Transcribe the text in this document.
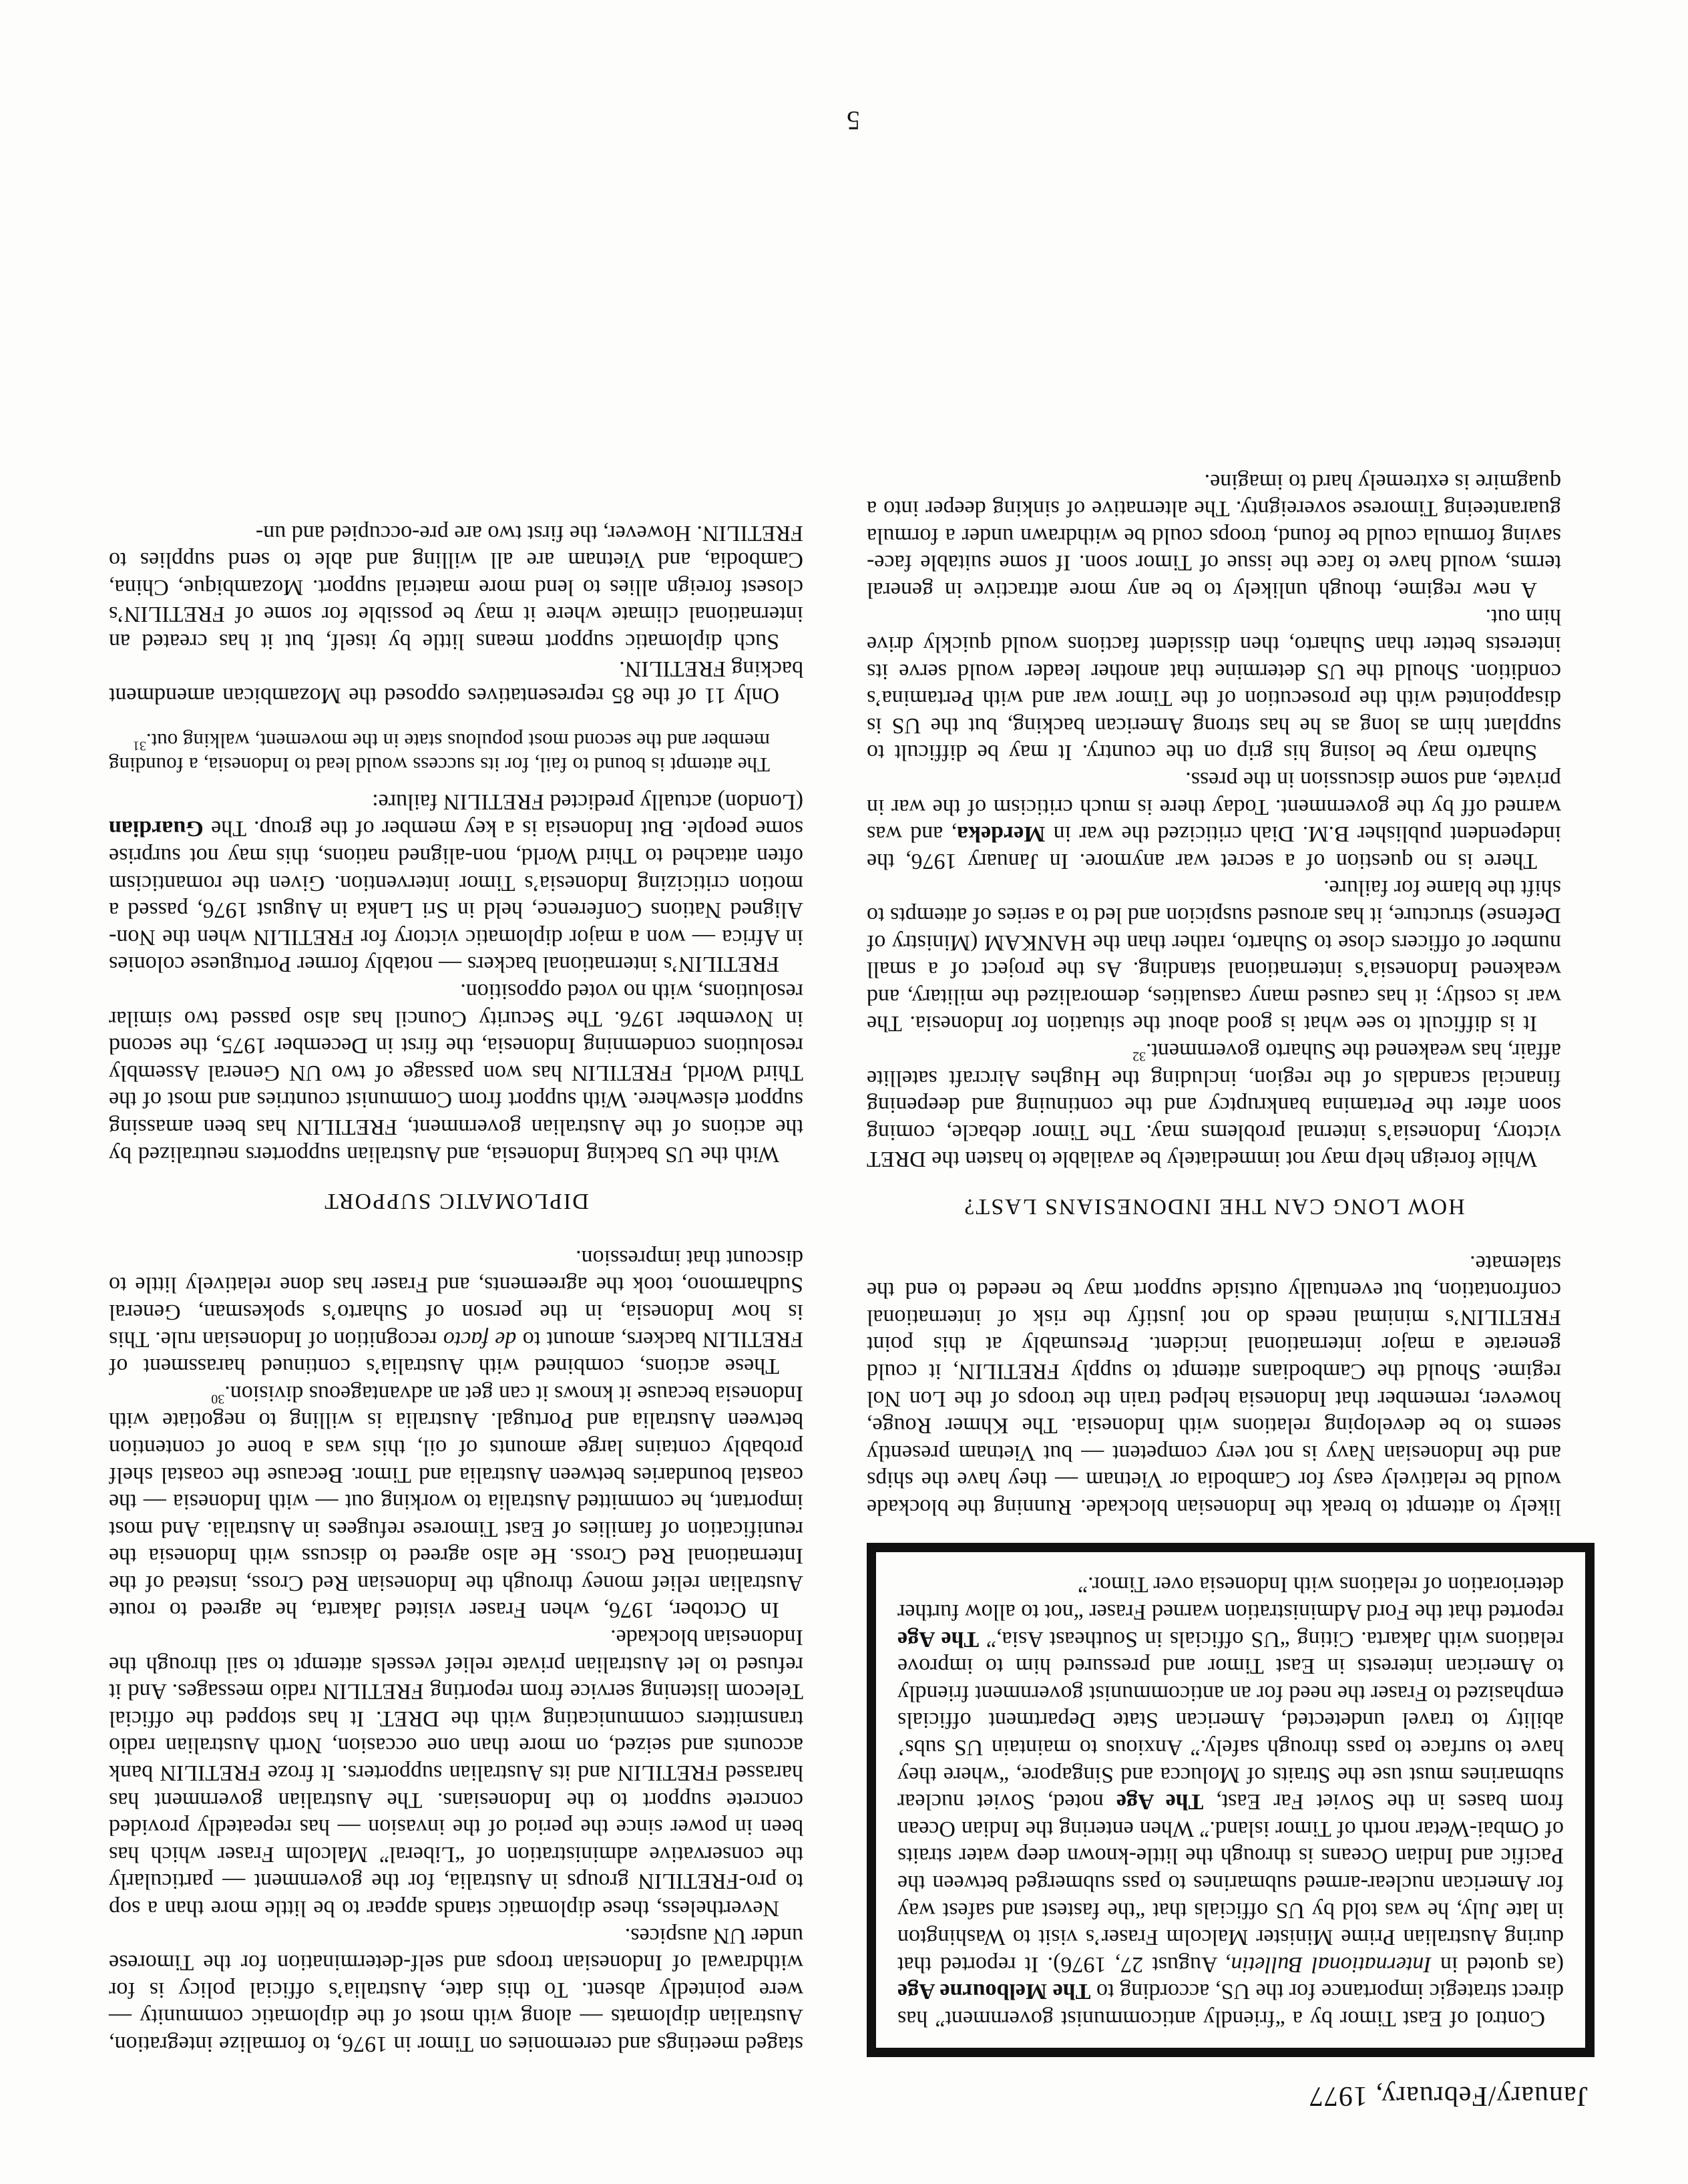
January/February, 1977
5

Control of East Timor by a “friendly anticommunist government” has direct strategic importance for the US, according to The Melbourne Age (as quoted in International Bulletin, August 27, 1976). It reported that during Australian Prime Minister Malcolm Fraser’s visit to Washington in late July, he was told by US officials that “the fastest and safest way for American nuclear-armed submarines to pass submerged between the Pacific and Indian Oceans is through the little-known deep water straits of Ombai-Wetar north of Timor island.” When entering the Indian Ocean from bases in the Soviet Far East, The Age noted, Soviet nuclear submarines must use the Straits of Molucca and Singapore, “where they have to surface to pass through safely.” Anxious to maintain US subs’ ability to travel undetected, American State Department officials emphasized to Fraser the need for an anticommunist government friendly to American interests in East Timor and pressured him to improve relations with Jakarta. Citing “US officials in Southeast Asia,” The Age reported that the Ford Administration warned Fraser “not to allow further deterioration of relations with Indonesia over Timor.”

likely to attempt to break the Indonesian blockade. Running the blockade would be relatively easy for Cambodia or Vietnam — they have the ships and the Indonesian Navy is not very competent — but Vietnam presently seems to be developing relations with Indonesia. The Khmer Rouge, however, remember that Indonesia helped train the troops of the Lon Nol regime. Should the Cambodians attempt to supply FRETILIN, it could generate a major international incident. Presumably at this point FRETILIN’s minimal needs do not justify the risk of international confrontation, but eventually outside support may be needed to end the stalemate.

HOW LONG CAN THE INDONESIANS LAST?

While foreign help may not immediately be available to hasten the DRET victory, Indonesia’s internal problems may. The Timor debacle, coming soon after the Pertamina bankruptcy and the continuing and deepening financial scandals of the region, including the Hughes Aircraft satellite affair, has weakened the Suharto government.$^{32}$

It is difficult to see what is good about the situation for Indonesia. The war is costly; it has caused many casualties, demoralized the military, and weakened Indonesia’s international standing. As the project of a small number of officers close to Suharto, rather than the HANKAM (Ministry of Defense) structure, it has aroused suspicion and led to a series of attempts to shift the blame for failure.

There is no question of a secret war anymore. In January 1976, the independent publisher B.M. Diah criticized the war in Merdeka, and was warned off by the government. Today there is much criticism of the war in private, and some discussion in the press.

Suharto may be losing his grip on the country. It may be difficult to supplant him as long as he has strong American backing, but the US is disappointed with the prosecution of the Timor war and with Pertamina’s condition. Should the US determine that another leader would serve its interests better than Suharto, then dissident factions would quickly drive him out.

A new regime, though unlikely to be any more attractive in general terms, would have to face the issue of Timor soon. If some suitable face-saving formula could be found, troops could be withdrawn under a formula guaranteeing Timorese sovereignty. The alternative of sinking deeper into a quagmire is extremely hard to imagine.

staged meetings and ceremonies on Timor in 1976, to formalize integration, Australian diplomats — along with most of the diplomatic community — were pointedly absent. To this date, Australia’s official policy is for withdrawal of Indonesian troops and self-determination for the Timorese under UN auspices.

Nevertheless, these diplomatic stands appear to be little more than a sop to pro-FRETILIN groups in Australia, for the government — particularly the conservative administration of “Liberal” Malcolm Fraser which has been in power since the period of the invasion — has repeatedly provided concrete support to the Indonesians. The Australian government has harassed FRETILIN and its Australian supporters. It froze FRETILIN bank accounts and seized, on more than one occasion, North Australian radio transmitters communicating with the DRET. It has stopped the official Telecom listening service from reporting FRETILIN radio messages. And it refused to let Australian private relief vessels attempt to sail through the Indonesian blockade.

In October, 1976, when Fraser visited Jakarta, he agreed to route Australian relief money through the Indonesian Red Cross, instead of the International Red Cross. He also agreed to discuss with Indonesia the reunification of families of East Timorese refugees in Australia. And most important, he committed Australia to working out — with Indonesia — the coastal boundaries between Australia and Timor. Because the coastal shelf probably contains large amounts of oil, this was a bone of contention between Australia and Portugal. Australia is willing to negotiate with Indonesia because it knows it can get an advantageous division.$^{30}$

These actions, combined with Australia’s continued harassment of FRETILIN backers, amount to de facto recognition of Indonesian rule. This is how Indonesia, in the person of Suharto’s spokesman, General Sudharmono, took the agreements, and Fraser has done relatively little to discount that impression.

DIPLOMATIC SUPPORT

With the US backing Indonesia, and Australian supporters neutralized by the actions of the Australian government, FRETILIN has been amassing support elsewhere. With support from Communist countries and most of the Third World, FRETILIN has won passage of two UN General Assembly resolutions condemning Indonesia, the first in December 1975, the second in November 1976. The Security Council has also passed two similar resolutions, with no voted opposition.

FRETILIN’s international backers — notably former Portuguese colonies in Africa — won a major diplomatic victory for FRETILIN when the Non-Aligned Nations Conference, held in Sri Lanka in August 1976, passed a motion criticizing Indonesia’s Timor intervention. Given the romanticism often attached to Third World, non-aligned nations, this may not surprise some people. But Indonesia is a key member of the group. The Guardian (London) actually predicted FRETILIN failure:

The attempt is bound to fail, for its success would lead to Indonesia, a founding member and the second most populous state in the movement, walking out.$^{31}$

Only 11 of the 85 representatives opposed the Mozambican amendment backing FRETILIN.

Such diplomatic support means little by itself, but it has created an international climate where it may be possible for some of FRETILIN’s closest foreign allies to lend more material support. Mozambique, China, Cambodia, and Vietnam are all willing and able to send supplies to FRETILIN. However, the first two are pre-occupied and un-
